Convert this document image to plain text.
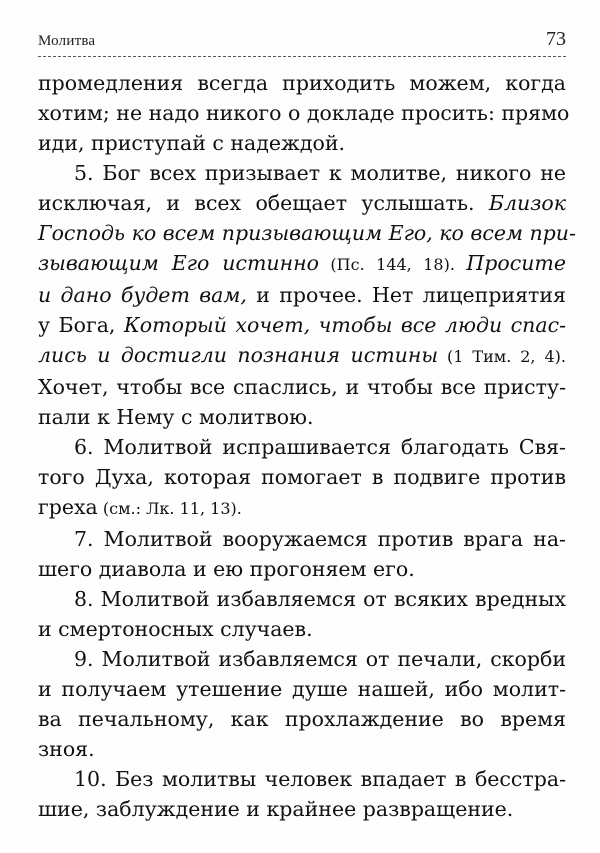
Молитва	73
промедления всегда приходить можем, когда
хотим; не надо никого о докладе просить: прямо
иди, приступай с надеждой.
5. Бог всех призывает к молитве, никого не
исключая, и всех обещает услышать. Близок
Господь ко всем призывающим Его, ко всем при-
зывающим Его истинно (Пс. 144, 18). Просите
и дано будет вам, и прочее. Нет лицеприятия
у Бога, Который хочет, чтобы все люди спас-
лись и достигли познания истины (1 Тим. 2, 4).
Хочет, чтобы все спаслись, и чтобы все присту-
пали к Нему с молитвою.
6. Молитвой испрашивается благодать Свя-
того Духа, которая помогает в подвиге против
греха (см.: Лк. 11, 13).
7. Молитвой вооружаемся против врага на-
шего диавола и ею прогоняем его.
8. Молитвой избавляемся от всяких вредных
и смертоносных случаев.
9. Молитвой избавляемся от печали, скорби
и получаем утешение душе нашей, ибо молит-
ва печальному, как прохлаждение во время
зноя.
10. Без молитвы человек впадает в бесстра-
шие, заблуждение и крайнее развращение.
